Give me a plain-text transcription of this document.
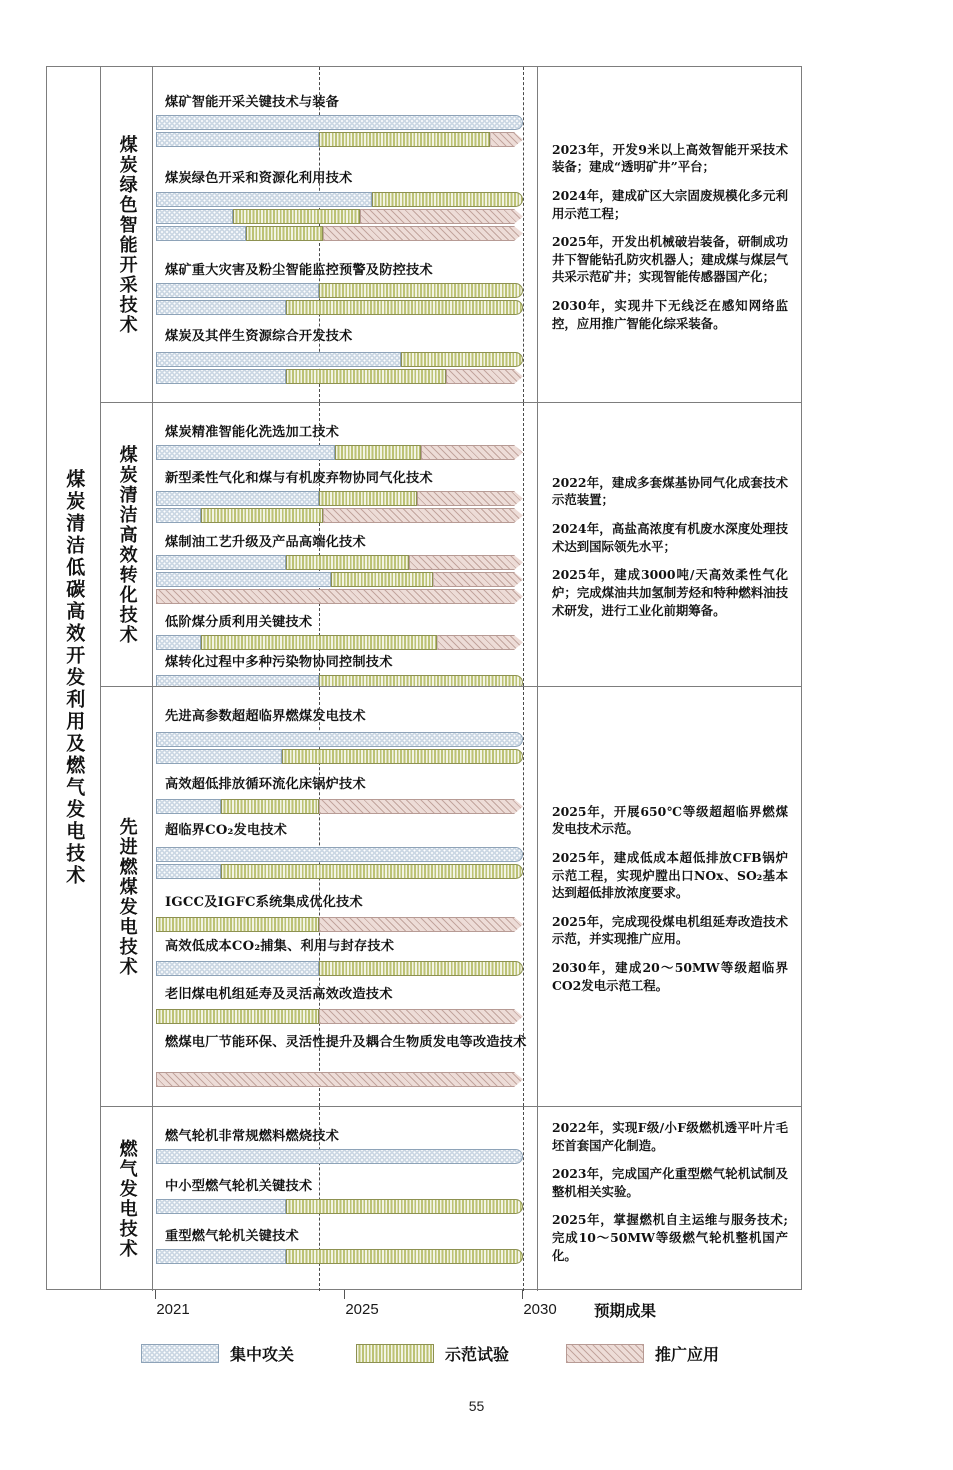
煤炭清洁低碳高效开发利用及燃气发电技术
煤炭绿色智能开采技术
煤矿智能开采关键技术与装备
煤炭绿色开采和资源化利用技术
煤矿重大灾害及粉尘智能监控预警及防控技术
煤炭及其伴生资源综合开发技术
2023年，开发9米以上高效智能开采技术装备；建成“透明矿井”平台；
2024年，建成矿区大宗固废规模化多元利用示范工程；
2025年，开发出机械破岩装备，研制成功井下智能钻孔防灾机器人；建成煤与煤层气共采示范矿井；实现智能传感器国产化；
2030年，实现井下无线泛在感知网络监控，应用推广智能化综采装备。
煤炭清洁高效转化技术
煤炭精准智能化洗选加工技术
新型柔性气化和煤与有机废弃物协同气化技术
煤制油工艺升级及产品高端化技术
低阶煤分质利用关键技术
煤转化过程中多种污染物协同控制技术
2022年，建成多套煤基协同气化成套技术示范装置；
2024年，高盐高浓度有机废水深度处理技术达到国际领先水平；
2025年，建成3000吨/天高效柔性气化炉；完成煤油共加氢制芳烃和特种燃料油技术研发，进行工业化前期筹备。
先进燃煤发电技术
先进高参数超超临界燃煤发电技术
高效超低排放循环流化床锅炉技术
超临界CO₂发电技术
IGCC及IGFC系统集成优化技术
高效低成本CO₂捕集、利用与封存技术
老旧煤电机组延寿及灵活高效改造技术
燃煤电厂节能环保、灵活性提升及耦合生物质发电等改造技术
2025年，开展650℃等级超超临界燃煤发电技术示范。
2025年，建成低成本超低排放CFB锅炉示范工程，实现炉膛出口NOx、SO₂基本达到超低排放浓度要求。
2025年，完成现役煤电机组延寿改造技术示范，并实现推广应用。
2030年，建成20～50MW等级超临界CO2发电示范工程。
燃气发电技术
燃气轮机非常规燃料燃烧技术
中小型燃气轮机关键技术
重型燃气轮机关键技术
2022年，实现F级/小F级燃机透平叶片毛坯首套国产化制造。
2023年，完成国产化重型燃气轮机试制及整机相关实验。
2025年，掌握燃机自主运维与服务技术;完成10～50MW等级燃气轮机整机国产化。
2021	2025	2030 预期成果
集中攻关	示范试验	推广应用
55
